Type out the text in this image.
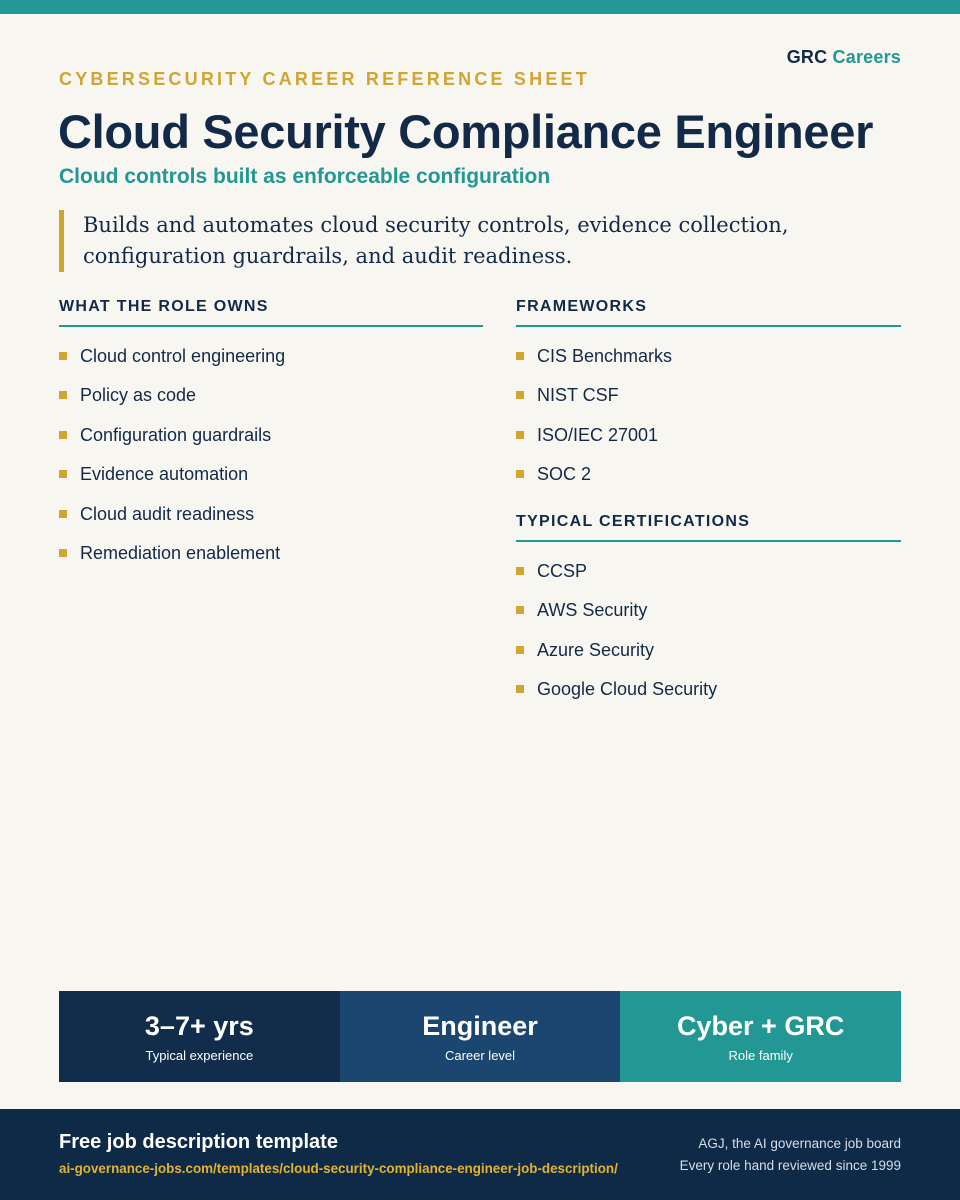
GRC Careers
CYBERSECURITY CAREER REFERENCE SHEET
Cloud Security Compliance Engineer
Cloud controls built as enforceable configuration

Builds and automates cloud security controls, evidence collection, configuration guardrails, and audit readiness.

WHAT THE ROLE OWNS
Cloud control engineering
Policy as code
Configuration guardrails
Evidence automation
Cloud audit readiness
Remediation enablement
FRAMEWORKS
CIS Benchmarks
NIST CSF
ISO/IEC 27001
SOC 2
TYPICAL CERTIFICATIONS
CCSP
AWS Security
Azure Security
Google Cloud Security
3–7+ yrs
Typical experience
Engineer
Career level
Cyber + GRC
Role family
Free job description template
ai-governance-jobs.com/templates/cloud-security-compliance-engineer-job-description/
AGJ, the AI governance job board
Every role hand reviewed since 1999
